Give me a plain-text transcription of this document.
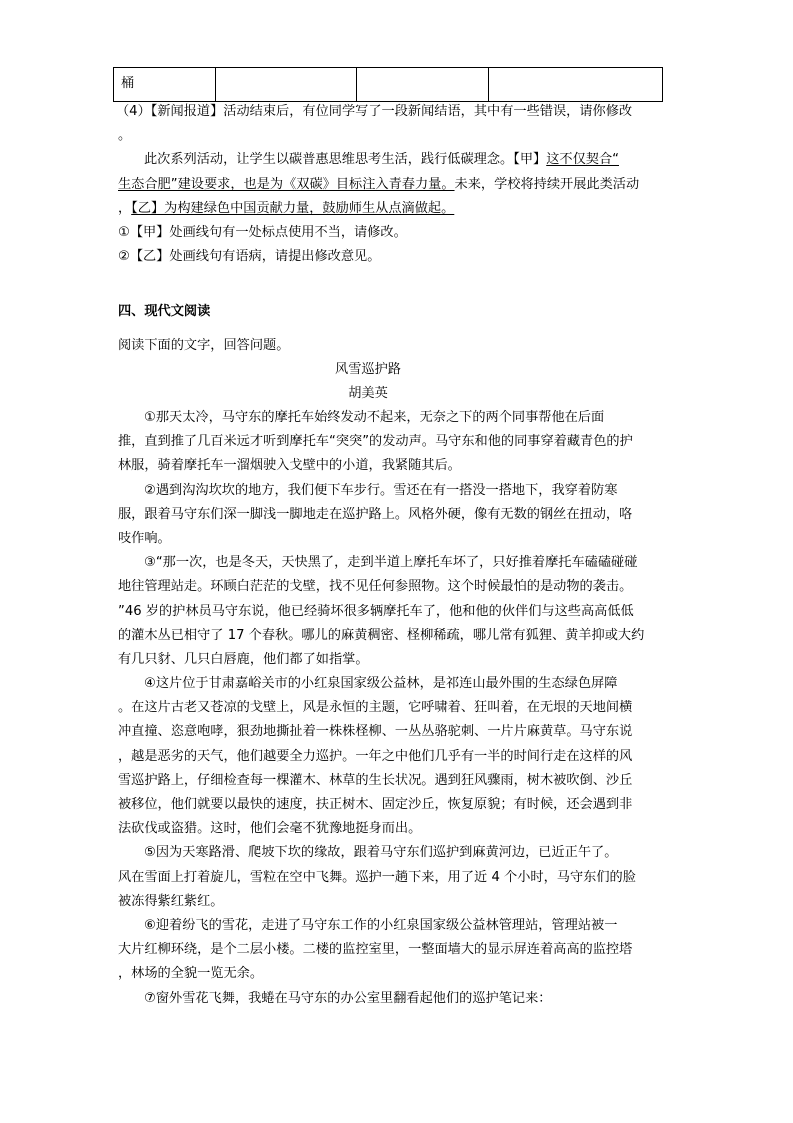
桶			
（4）【新闻报道】活动结束后，有位同学写了一段新闻结语，其中有一些错误，请你修改
。
此次系列活动，让学生以碳普惠思维思考生活，践行低碳理念。【甲】这不仅契合“
生态合肥”建设要求，也是为《双碳》目标注入青春力量。未来，学校将持续开展此类活动
，【乙】为构建绿色中国贡献力量，鼓励师生从点滴做起。
①【甲】处画线句有一处标点使用不当，请修改。
②【乙】处画线句有语病，请提出修改意见。
四、现代文阅读
阅读下面的文字，回答问题。
风雪巡护路
胡美英
①那天太冷，马守东的摩托车始终发动不起来，无奈之下的两个同事帮他在后面
推，直到推了几百米远才听到摩托车“突突”的发动声。马守东和他的同事穿着藏青色的护
林服，骑着摩托车一溜烟驶入戈壁中的小道，我紧随其后。
②遇到沟沟坎坎的地方，我们便下车步行。雪还在有一搭没一搭地下，我穿着防寒
服，跟着马守东们深一脚浅一脚地走在巡护路上。风格外硬，像有无数的钢丝在扭动，咯
吱作响。
③“那一次，也是冬天，天快黑了，走到半道上摩托车坏了，只好推着摩托车磕磕碰碰
地往管理站走。环顾白茫茫的戈壁，找不见任何参照物。这个时候最怕的是动物的袭击。
”46 岁的护林员马守东说，他已经骑坏很多辆摩托车了，他和他的伙伴们与这些高高低低
的灌木丛已相守了 17 个春秋。哪儿的麻黄稠密、柽柳稀疏，哪儿常有狐狸、黄羊抑或大约
有几只豺、几只白唇鹿，他们都了如指掌。
④这片位于甘肃嘉峪关市的小红泉国家级公益林，是祁连山最外围的生态绿色屏障
。在这片古老又苍凉的戈壁上，风是永恒的主题，它呼啸着、狂叫着，在无垠的天地间横
冲直撞、恣意咆哮，狠劲地撕扯着一株株柽柳、一丛丛骆驼刺、一片片麻黄草。马守东说
，越是恶劣的天气，他们越要全力巡护。一年之中他们几乎有一半的时间行走在这样的风
雪巡护路上，仔细检查每一棵灌木、林草的生长状况。遇到狂风骤雨，树木被吹倒、沙丘
被移位，他们就要以最快的速度，扶正树木、固定沙丘，恢复原貌；有时候，还会遇到非
法砍伐或盗猎。这时，他们会毫不犹豫地挺身而出。
⑤因为天寒路滑、爬坡下坎的缘故，跟着马守东们巡护到麻黄河边，已近正午了。
风在雪面上打着旋儿，雪粒在空中飞舞。巡护一趟下来，用了近 4 个小时，马守东们的脸
被冻得紫红紫红。
⑥迎着纷飞的雪花，走进了马守东工作的小红泉国家级公益林管理站，管理站被一
大片红柳环绕，是个二层小楼。二楼的监控室里，一整面墙大的显示屏连着高高的监控塔
，林场的全貌一览无余。
⑦窗外雪花飞舞，我蜷在马守东的办公室里翻看起他们的巡护笔记来：
